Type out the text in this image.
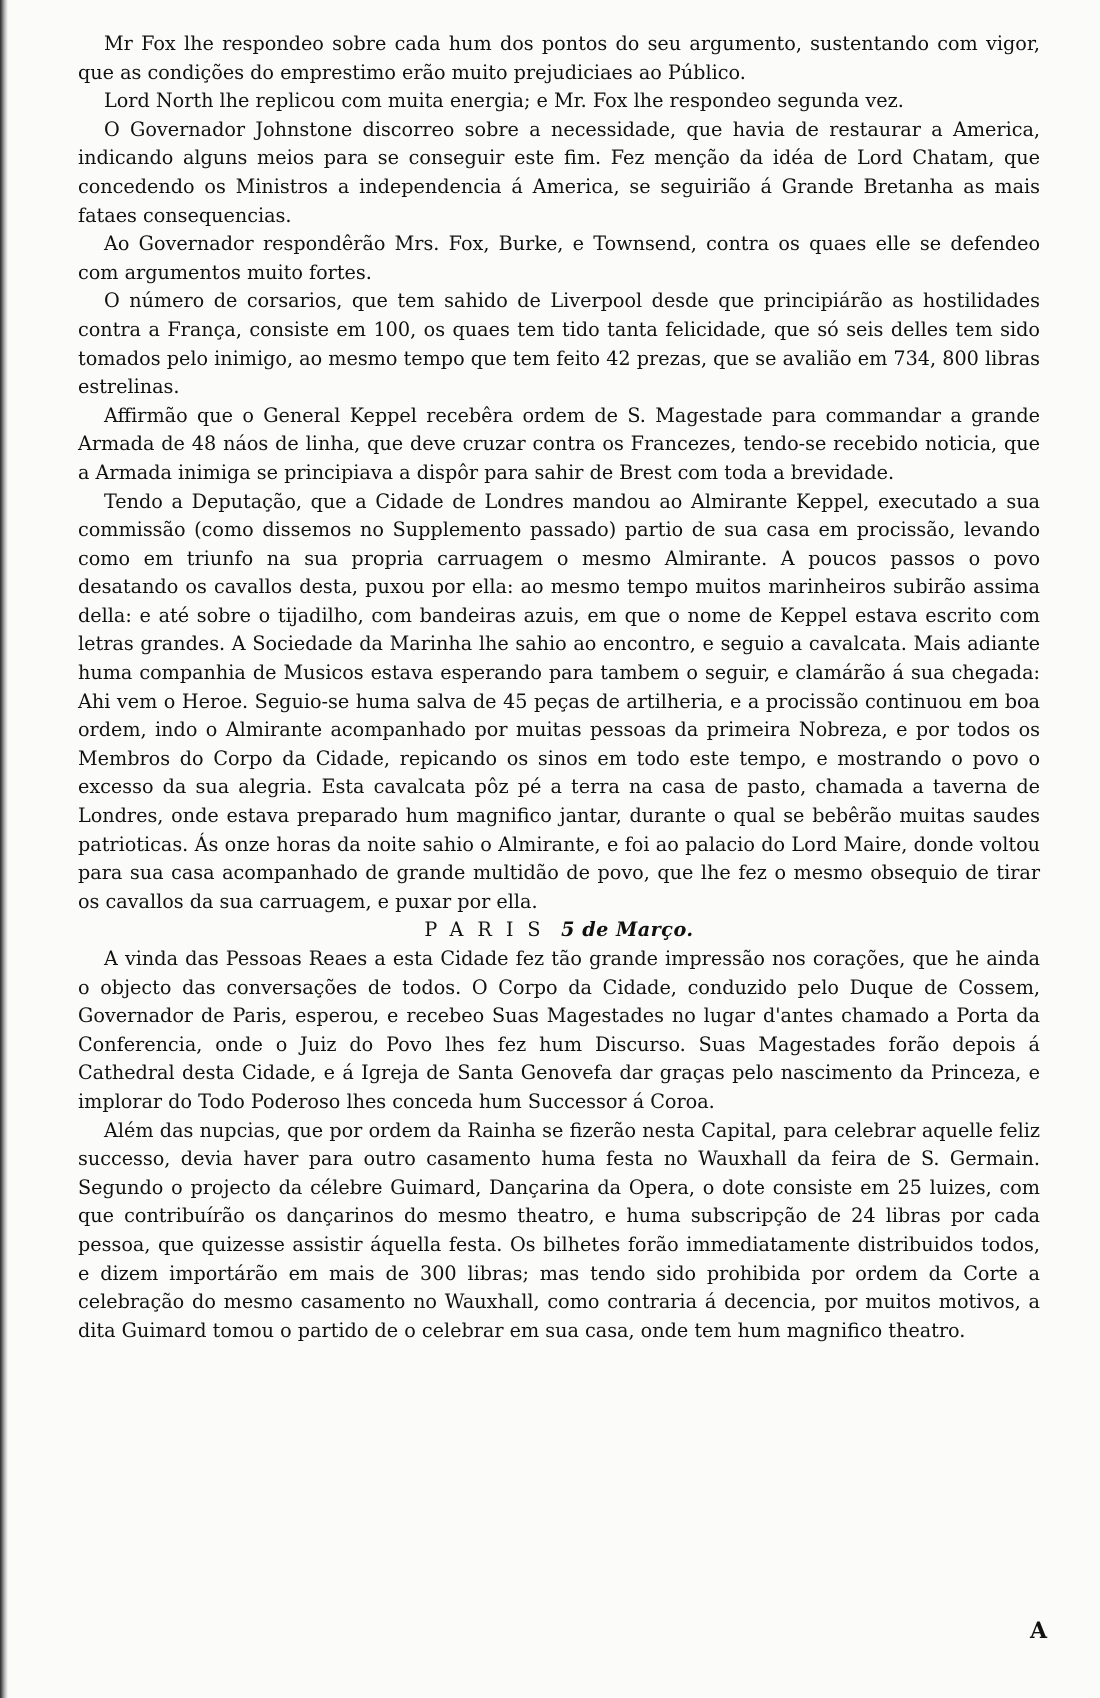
Mr Fox lhe respondeo sobre cada hum dos pontos do seu argumento, sustentando com vigor, que as condições do emprestimo erão muito prejudiciaes ao Público.

Lord North lhe replicou com muita energia; e Mr. Fox lhe respondeo segunda vez.

O Governador Johnstone discorreo sobre a necessidade, que havia de restaurar a America, indicando alguns meios para se conseguir este fim. Fez menção da idéa de Lord Chatam, que concedendo os Ministros a independencia á America, se seguirião á Grande Bretanha as mais fataes consequencias.

Ao Governador respondêrão Mrs. Fox, Burke, e Townsend, contra os quaes elle se defendeo com argumentos muito fortes.

O número de corsarios, que tem sahido de Liverpool desde que principiárão as hostilidades contra a França, consiste em 100, os quaes tem tido tanta felicidade, que só seis delles tem sido tomados pelo inimigo, ao mesmo tempo que tem feito 42 prezas, que se avalião em 734, 800 libras estrelinas.

Affirmão que o General Keppel recebêra ordem de S. Magestade para commandar a grande Armada de 48 náos de linha, que deve cruzar contra os Francezes, tendo-se recebido noticia, que a Armada inimiga se principiava a dispôr para sahir de Brest com toda a brevidade.

Tendo a Deputação, que a Cidade de Londres mandou ao Almirante Keppel, executado a sua commissão (como dissemos no Supplemento passado) partio de sua casa em procissão, levando como em triunfo na sua propria carruagem o mesmo Almirante. A poucos passos o povo desatando os cavallos desta, puxou por ella: ao mesmo tempo muitos marinheiros subirão assima della: e até sobre o tijadilho, com bandeiras azuis, em que o nome de Keppel estava escrito com letras grandes. A Sociedade da Marinha lhe sahio ao encontro, e seguio a cavalcata. Mais adiante huma companhia de Musicos estava esperando para tambem o seguir, e clamárão á sua chegada: Ahi vem o Heroe. Seguio-se huma salva de 45 peças de artilheria, e a procissão continuou em boa ordem, indo o Almirante acompanhado por muitas pessoas da primeira Nobreza, e por todos os Membros do Corpo da Cidade, repicando os sinos em todo este tempo, e mostrando o povo o excesso da sua alegria. Esta cavalcata pôz pé a terra na casa de pasto, chamada a taverna de Londres, onde estava preparado hum magnifico jantar, durante o qual se bebêrão muitas saudes patrioticas. Ás onze horas da noite sahio o Almirante, e foi ao palacio do Lord Maire, donde voltou para sua casa acompanhado de grande multidão de povo, que lhe fez o mesmo obsequio de tirar os cavallos da sua carruagem, e puxar por ella.

PARIS 5 de Março.

A vinda das Pessoas Reaes a esta Cidade fez tão grande impressão nos corações, que he ainda o objecto das conversações de todos. O Corpo da Cidade, conduzido pelo Duque de Cossem, Governador de Paris, esperou, e recebeo Suas Magestades no lugar d'antes chamado a Porta da Conferencia, onde o Juiz do Povo lhes fez hum Discurso. Suas Magestades forão depois á Cathedral desta Cidade, e á Igreja de Santa Genovefa dar graças pelo nascimento da Princeza, e implorar do Todo Poderoso lhes conceda hum Successor á Coroa.

Além das nupcias, que por ordem da Rainha se fizerão nesta Capital, para celebrar aquelle feliz successo, devia haver para outro casamento huma festa no Wauxhall da feira de S. Germain. Segundo o projecto da célebre Guimard, Dançarina da Opera, o dote consiste em 25 luizes, com que contribuírão os dançarinos do mesmo theatro, e huma subscripção de 24 libras por cada pessoa, que quizesse assistir áquella festa. Os bilhetes forão immediatamente distribuidos todos, e dizem importárão em mais de 300 libras; mas tendo sido prohibida por ordem da Corte a celebração do mesmo casamento no Wauxhall, como contraria á decencia, por muitos motivos, a dita Guimard tomou o partido de o celebrar em sua casa, onde tem hum magnifico theatro.

A
